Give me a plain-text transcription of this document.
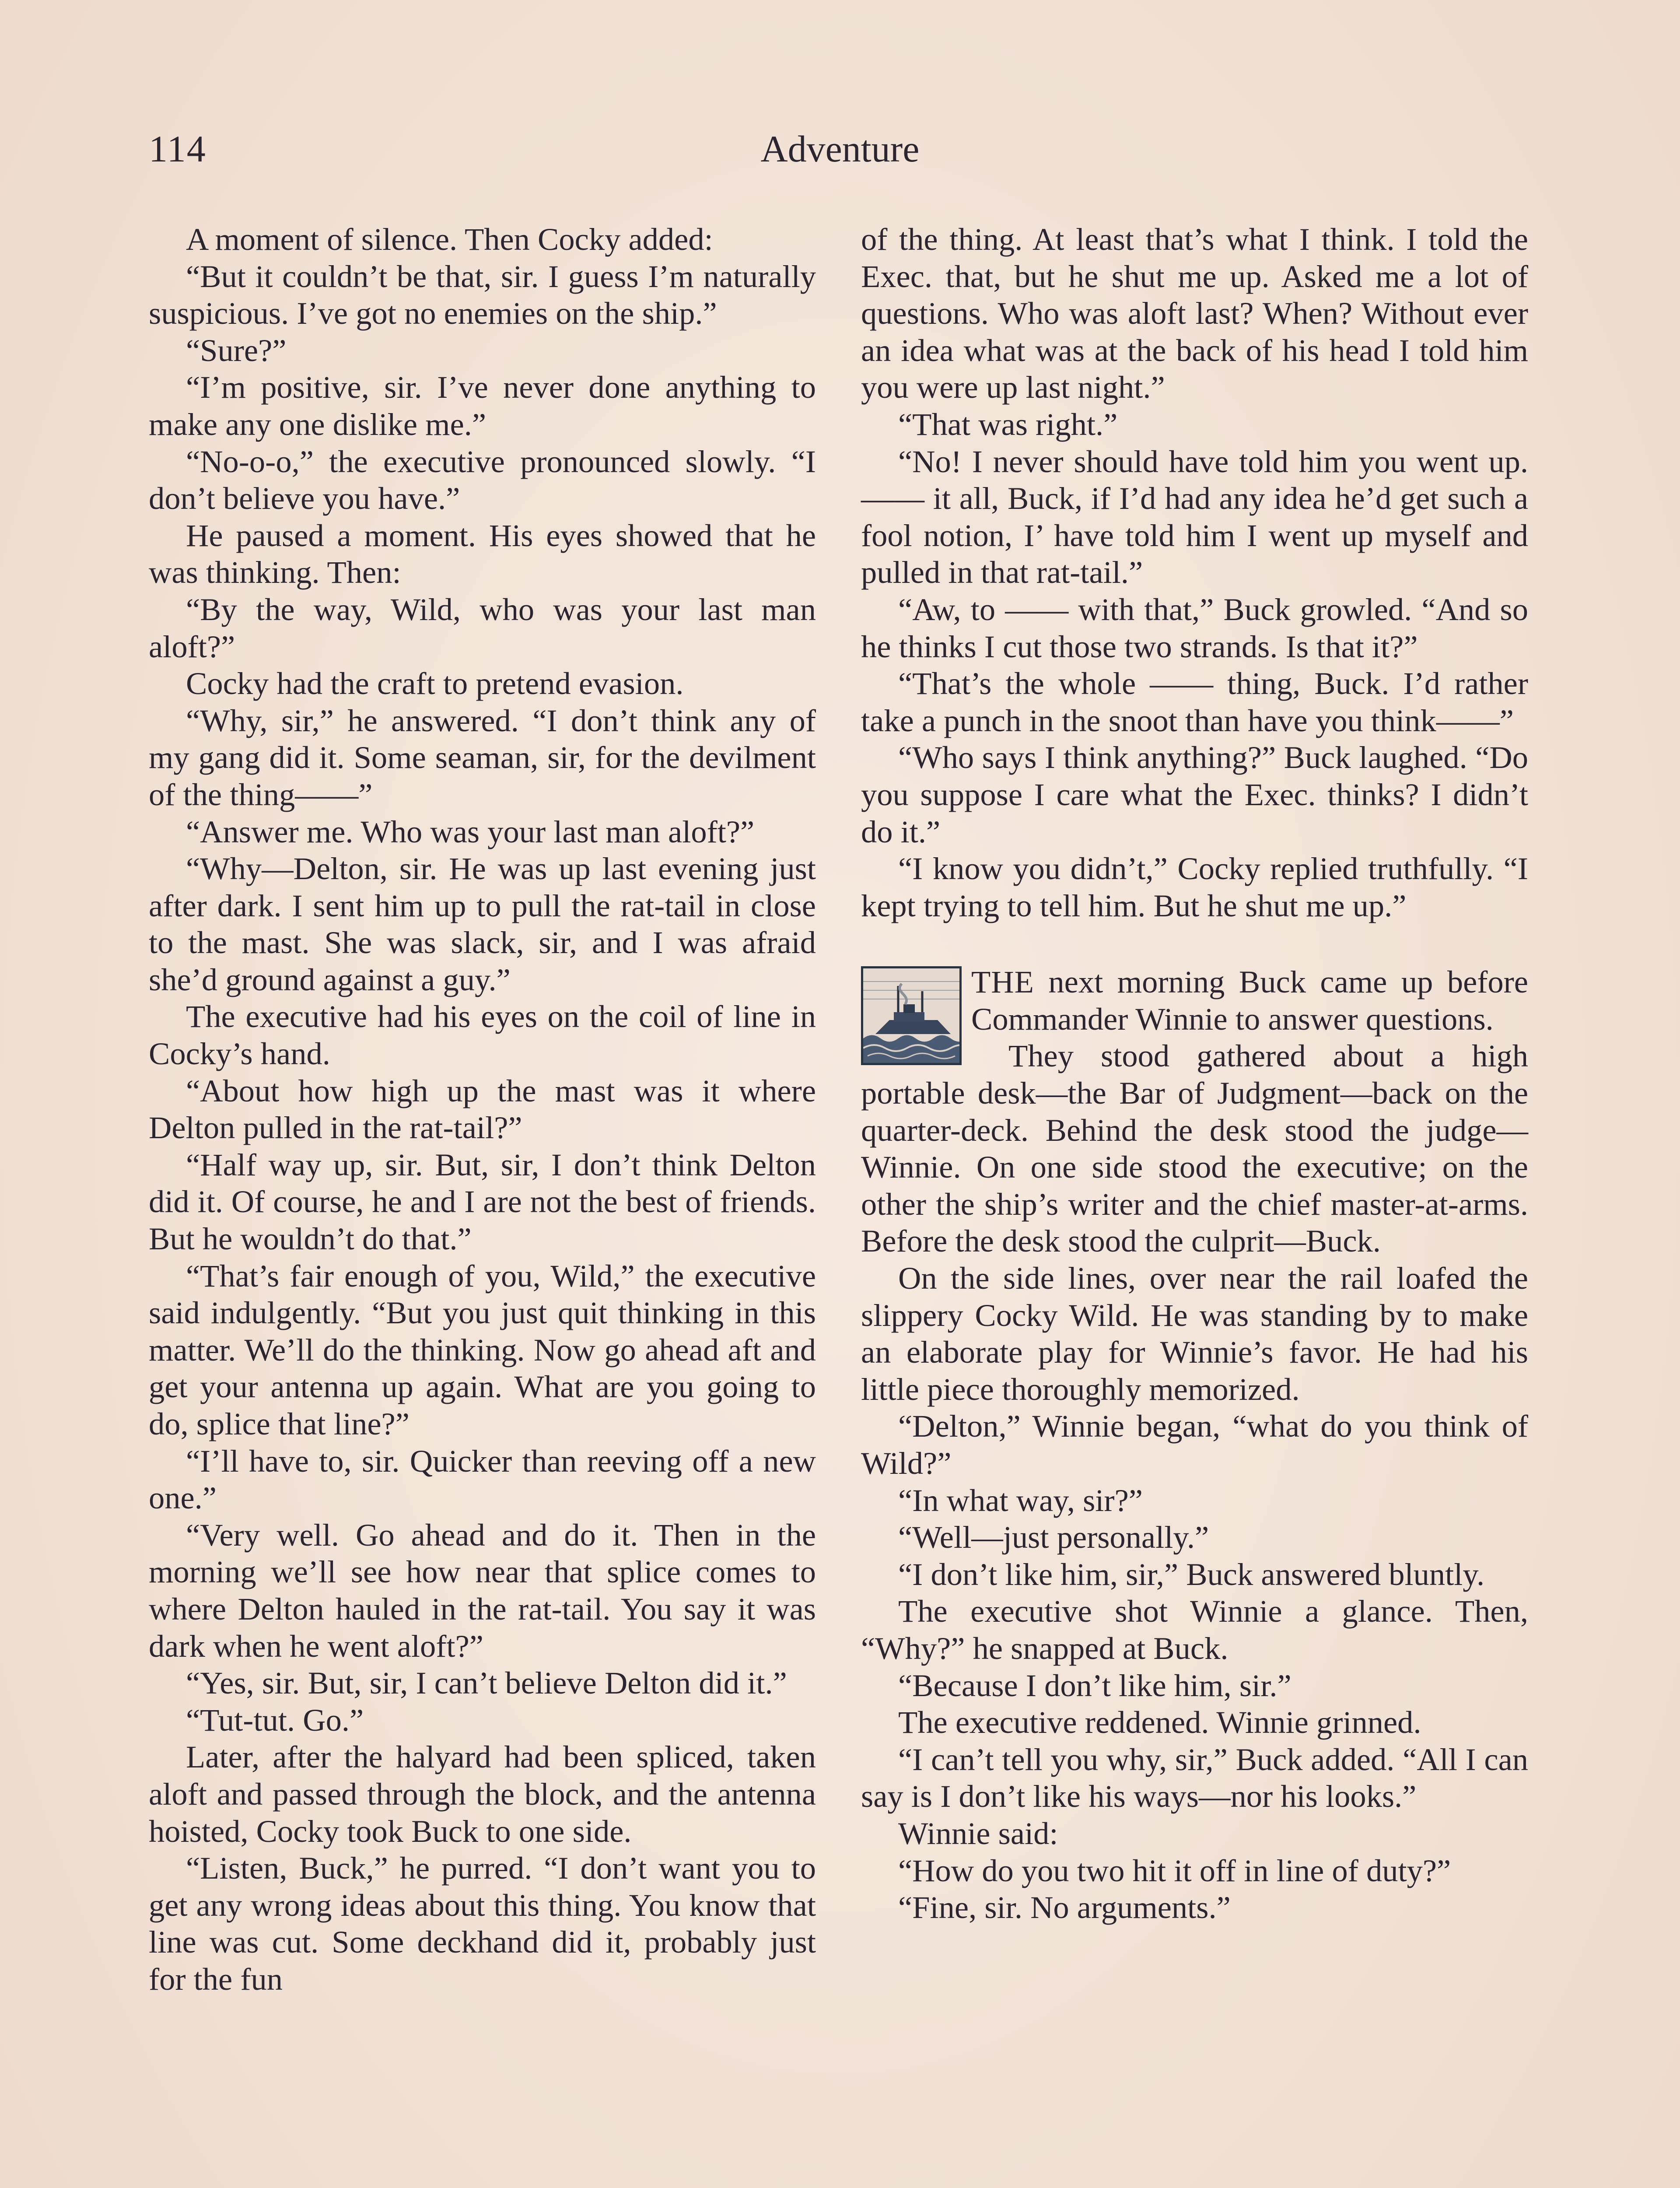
114	Adventure

A moment of silence. Then Cocky added:

“But it couldn’t be that, sir. I guess I’m naturally suspicious. I’ve got no enemies on the ship.”

“Sure?”

“I’m positive, sir. I’ve never done anything to make any one dislike me.”

“No-o-o,” the executive pronounced slowly. “I don’t believe you have.”

He paused a moment. His eyes showed that he was thinking. Then:

“By the way, Wild, who was your last man aloft?”

Cocky had the craft to pretend evasion.

“Why, sir,” he answered. “I don’t think any of my gang did it. Some seaman, sir, for the devilment of the thing——”

“Answer me. Who was your last man aloft?”

“Why—Delton, sir. He was up last evening just after dark. I sent him up to pull the rat-tail in close to the mast. She was slack, sir, and I was afraid she’d ground against a guy.”

The executive had his eyes on the coil of line in Cocky’s hand.

“About how high up the mast was it where Delton pulled in the rat-tail?”

“Half way up, sir. But, sir, I don’t think Delton did it. Of course, he and I are not the best of friends. But he wouldn’t do that.”

“That’s fair enough of you, Wild,” the executive said indulgently. “But you just quit thinking in this matter. We’ll do the thinking. Now go ahead aft and get your antenna up again. What are you going to do, splice that line?”

“I’ll have to, sir. Quicker than reeving off a new one.”

“Very well. Go ahead and do it. Then in the morning we’ll see how near that splice comes to where Delton hauled in the rat-tail. You say it was dark when he went aloft?”

“Yes, sir. But, sir, I can’t believe Delton did it.”

“Tut-tut. Go.”

Later, after the halyard had been spliced, taken aloft and passed through the block, and the antenna hoisted, Cocky took Buck to one side.

“Listen, Buck,” he purred. “I don’t want you to get any wrong ideas about this thing. You know that line was cut. Some deckhand did it, probably just for the fun

of the thing. At least that’s what I think. I told the Exec. that, but he shut me up. Asked me a lot of questions. Who was aloft last? When? Without ever an idea what was at the back of his head I told him you were up last night.”

“That was right.”

“No! I never should have told him you went up. —— it all, Buck, if I’d had any idea he’d get such a fool notion, I’ have told him I went up myself and pulled in that rat-tail.”

“Aw, to —— with that,” Buck growled. “And so he thinks I cut those two strands. Is that it?”

“That’s the whole —— thing, Buck. I’d rather take a punch in the snoot than have you think——”

“Who says I think anything?” Buck laughed. “Do you suppose I care what the Exec. thinks? I didn’t do it.”

“I know you didn’t,” Cocky replied truthfully. “I kept trying to tell him. But he shut me up.”

THE next morning Buck came up before Commander Winnie to answer questions.

They stood gathered about a high portable desk—the Bar of Judgment—back on the quarter-deck. Behind the desk stood the judge—Winnie. On one side stood the executive; on the other the ship’s writer and the chief master-at-arms. Before the desk stood the culprit—Buck.

On the side lines, over near the rail loafed the slippery Cocky Wild. He was standing by to make an elaborate play for Winnie’s favor. He had his little piece thoroughly memorized.

“Delton,” Winnie began, “what do you think of Wild?”

“In what way, sir?”

“Well—just personally.”

“I don’t like him, sir,” Buck answered bluntly.

The executive shot Winnie a glance. Then, “Why?” he snapped at Buck.

“Because I don’t like him, sir.”

The executive reddened. Winnie grinned.

“I can’t tell you why, sir,” Buck added. “All I can say is I don’t like his ways—nor his looks.”

Winnie said:

“How do you two hit it off in line of duty?”

“Fine, sir. No arguments.”
